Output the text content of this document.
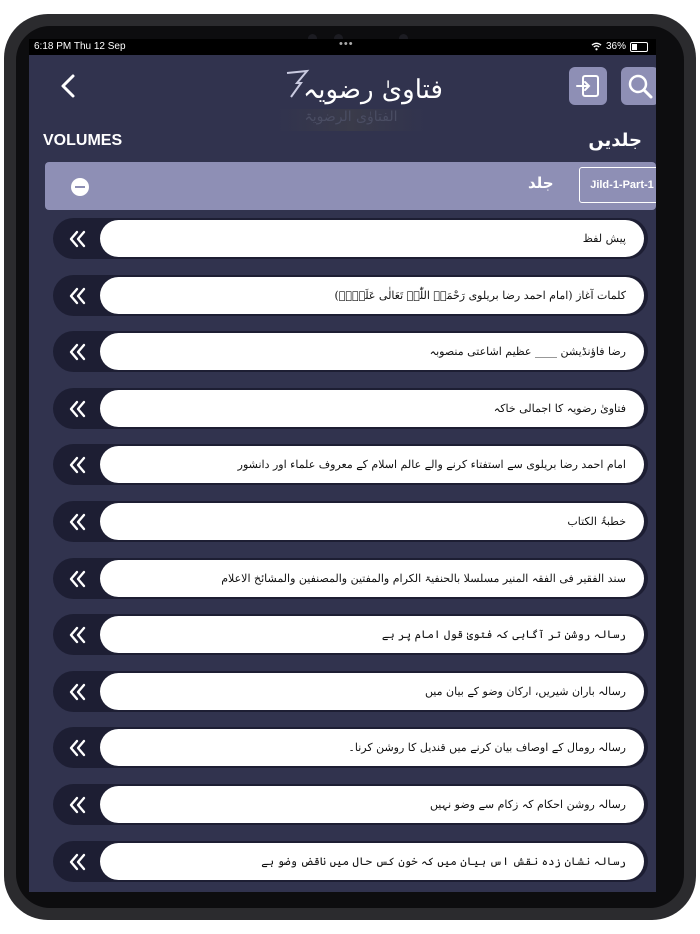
6:18 PM Thu 12 Sep	•••	36%
فتاویٰ رضویہ
الفتاوٰی الرضویۃ
VOLUMES	جلدیں
جلد	Jild-1-Part-1
پیش لفظ
کلمات آغاز (امام احمد رضا بریلوی رَحْمَۃُ اللّٰہِ تَعَالٰی عَلَیۡہِ)
رضا فاؤنڈیشن ____ عظیم اشاعتی منصوبہ
فتاویٰ رضویہ کا اجمالی خاکہ
امام احمد رضا بریلوی سے استفتاء کرنے والے عالم اسلام کے معروف علماء اور دانشور
خطبۃُ الکتاب
سند الفقیر فی الفقہ المنیر مسلسلا بالحنفیۃ الکرام والمفتین والمصنفین والمشائخ الاعلام
رسالہ روشن تر آگاہی کہ فتویٰ قول امام پر ہے
رسالہ باران شیریں، ارکان وضو کے بیان میں
رسالہ رومال کے اوصاف بیان کرنے میں قندیل کا روشن کرنا۔
رسالہ روشن احکام کہ زکام سے وضو نہیں
رسالہ نشان زدہ نقش اس بیان میں کہ خون کس حال میں ناقض وضو ہے
